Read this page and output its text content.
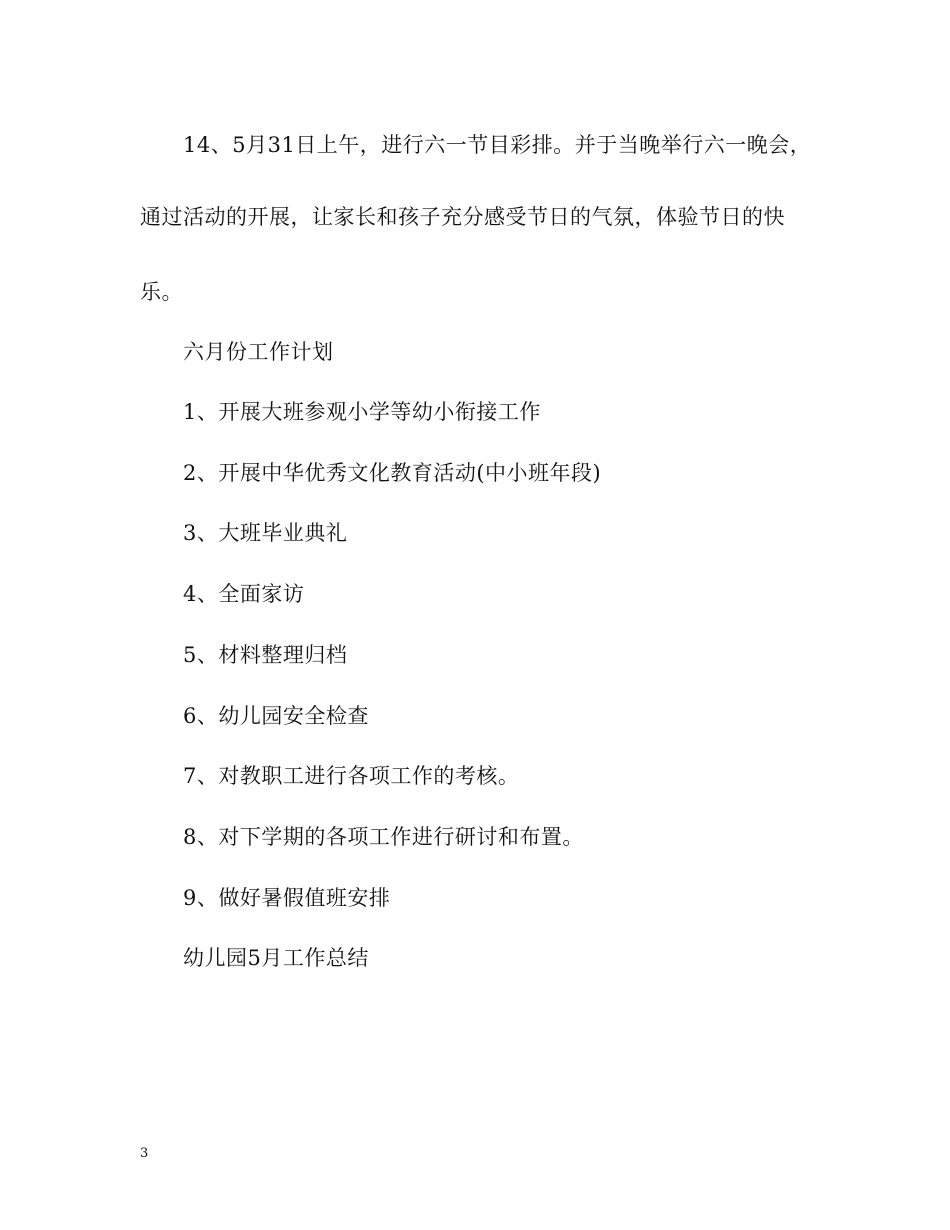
14、5月31日上午，进行六一节目彩排。并于当晚举行六一晚会，
通过活动的开展，让家长和孩子充分感受节日的气氛，体验节日的快
乐。
六月份工作计划
1、开展大班参观小学等幼小衔接工作
2、开展中华优秀文化教育活动(中小班年段)
3、大班毕业典礼
4、全面家访
5、材料整理归档
6、幼儿园安全检查
7、对教职工进行各项工作的考核。
8、对下学期的各项工作进行研讨和布置。
9、做好暑假值班安排
幼儿园5月工作总结
3
